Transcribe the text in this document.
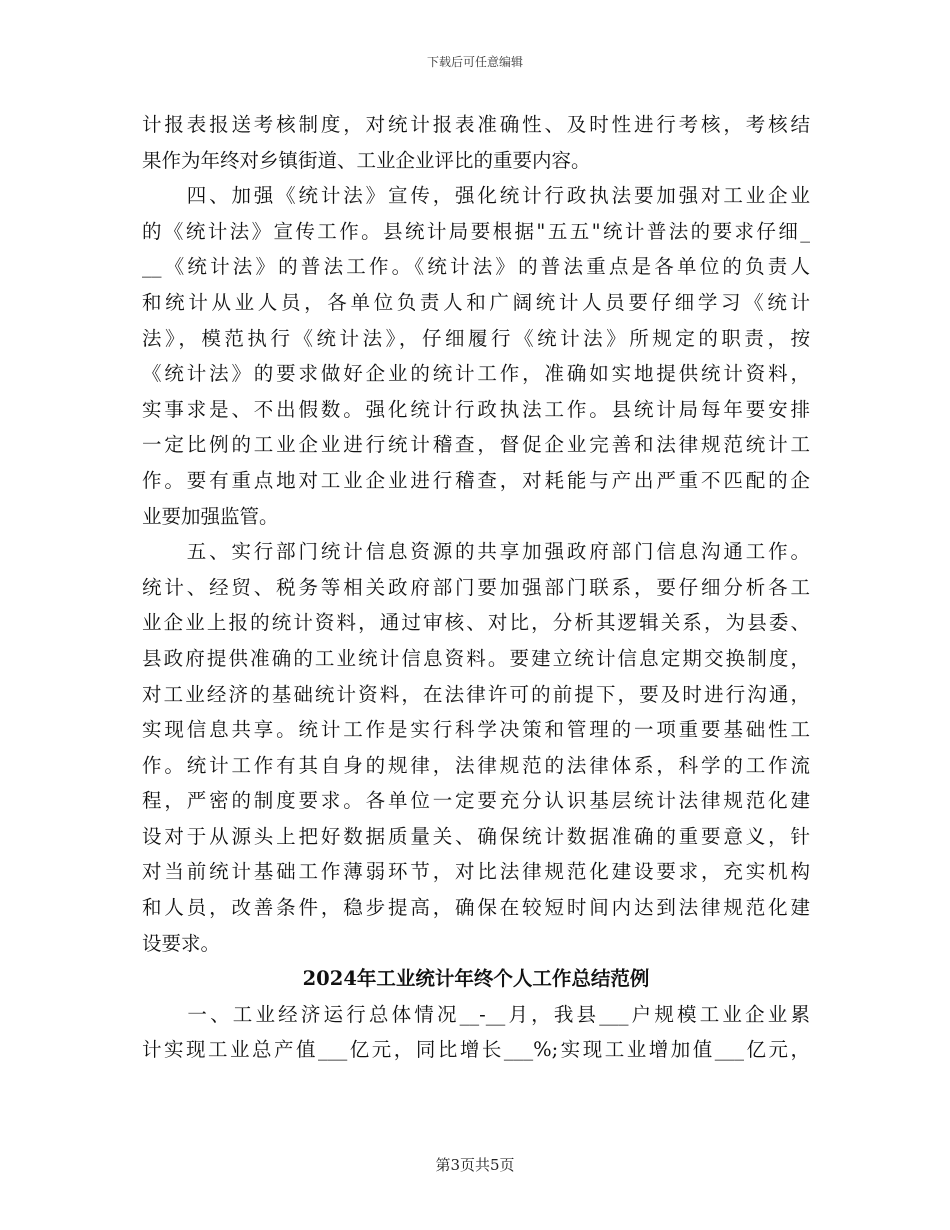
下载后可任意编辑
计报表报送考核制度，对统计报表准确性、及时性进行考核，考核结
果作为年终对乡镇街道、工业企业评比的重要内容。
　　四、加强《统计法》宣传，强化统计行政执法要加强对工业企业
的《统计法》宣传工作。县统计局要根据"五五"统计普法的要求仔细_
__《统计法》的普法工作。《统计法》的普法重点是各单位的负责人
和统计从业人员，各单位负责人和广阔统计人员要仔细学习《统计
法》，模范执行《统计法》，仔细履行《统计法》所规定的职责，按
《统计法》的要求做好企业的统计工作，准确如实地提供统计资料，
实事求是、不出假数。强化统计行政执法工作。县统计局每年要安排
一定比例的工业企业进行统计稽查，督促企业完善和法律规范统计工
作。要有重点地对工业企业进行稽查，对耗能与产出严重不匹配的企
业要加强监管。
　　五、实行部门统计信息资源的共享加强政府部门信息沟通工作。
统计、经贸、税务等相关政府部门要加强部门联系，要仔细分析各工
业企业上报的统计资料，通过审核、对比，分析其逻辑关系，为县委、
县政府提供准确的工业统计信息资料。要建立统计信息定期交换制度，
对工业经济的基础统计资料，在法律许可的前提下，要及时进行沟通，
实现信息共享。统计工作是实行科学决策和管理的一项重要基础性工
作。统计工作有其自身的规律，法律规范的法律体系，科学的工作流
程，严密的制度要求。各单位一定要充分认识基层统计法律规范化建
设对于从源头上把好数据质量关、确保统计数据准确的重要意义，针
对当前统计基础工作薄弱环节，对比法律规范化建设要求，充实机构
和人员，改善条件，稳步提高，确保在较短时间内达到法律规范化建
设要求。
2024年工业统计年终个人工作总结范例
　　一、工业经济运行总体情况__-__月，我县___户规模工业企业累
计实现工业总产值___亿元，同比增长___%;实现工业增加值___亿元，
第3页共5页
